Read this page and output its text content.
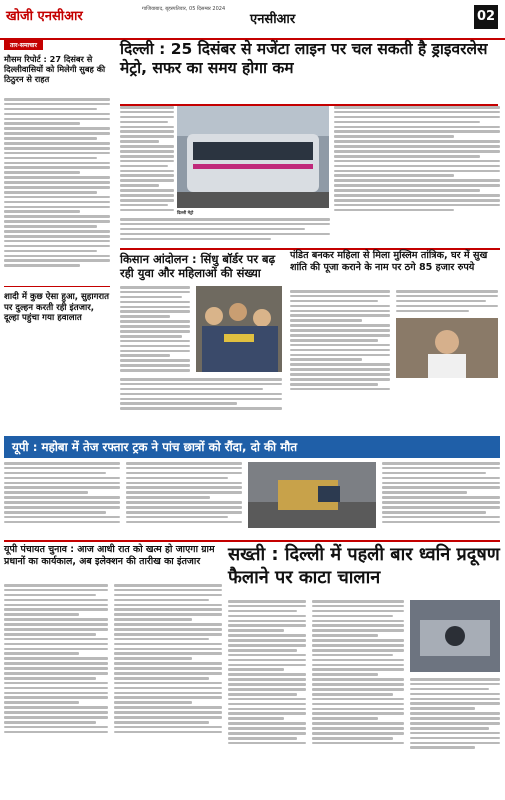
खोजी एनसीआर	गाजियाबाद, बृहस्पतिवार, 05 दिसम्बर 2024
एनसीआर	02
तार-समाचार
मौसम रिपोर्ट : 27 दिसंबर से दिल्लीवासियों को मिलेगी सुबह की ठिठुरन से राहत
शादी में कुछ ऐसा हुआ, सुहागरात पर दुल्हन करती रही इंतजार, दूल्हा पहुंचा गया हवालात
दिल्ली : 25 दिसंबर से मजेंटा लाइन पर चल सकती है ड्राइवरलेस मेट्रो, सफर का समय होगा कम
दिल्ली मेट्रो
किसान आंदोलन : सिंधु बॉर्डर पर बढ़ रही युवा और महिलाओं की संख्या
पंडित बनकर महिला से मिला मुस्लिम तांत्रिक, घर में सुख शांति की पूजा कराने के नाम पर ठगे 85 हजार रुपये
यूपी : महोबा में तेज रफ्तार ट्रक ने पांच छात्रों को रौंदा, दो की मौत
यूपी पंचायत चुनाव : आज आधी रात को खत्म हो जाएगा ग्राम प्रधानों का कार्यकाल, अब इलेक्शन की तारीख का इंतजार	सख्ती : दिल्ली में पहली बार ध्वनि प्रदूषण फैलाने पर काटा चालान
